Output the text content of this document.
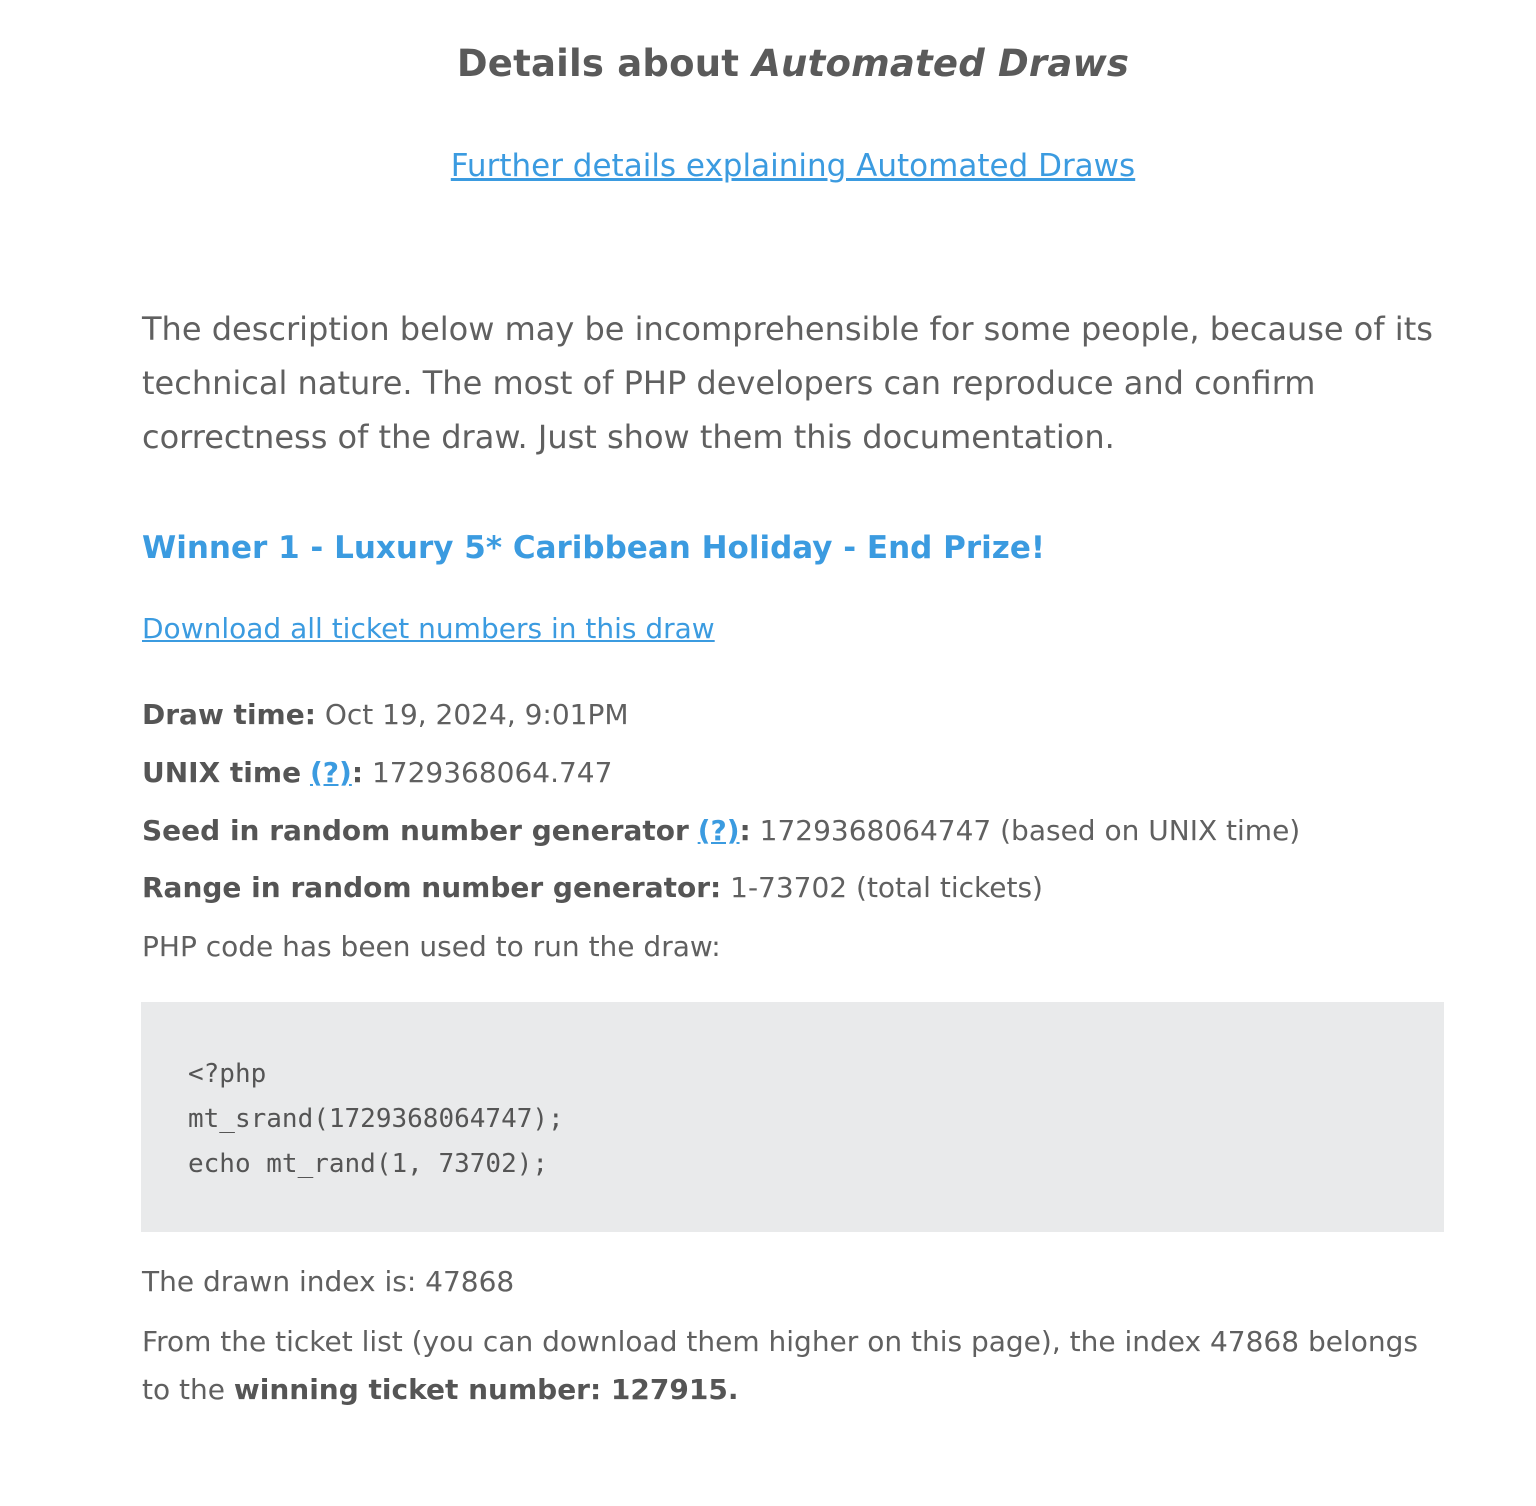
Details about Automated Draws
Further details explaining Automated Draws

The description below may be incomprehensible for some people, because of its technical nature. The most of PHP developers can reproduce and confirm correctness of the draw. Just show them this documentation.

Winner 1 - Luxury 5* Caribbean Holiday - End Prize!
Download all ticket numbers in this draw
Draw time: Oct 19, 2024, 9:01PM
UNIX time (?): 1729368064.747
Seed in random number generator (?): 1729368064747 (based on UNIX time)
Range in random number generator: 1-73702 (total tickets)
PHP code has been used to run the draw:
<?php
mt_srand(1729368064747);
echo mt_rand(1, 73702);
The drawn index is: 47868

From the ticket list (you can download them higher on this page), the index 47868 belongs to the winning ticket number: 127915.
